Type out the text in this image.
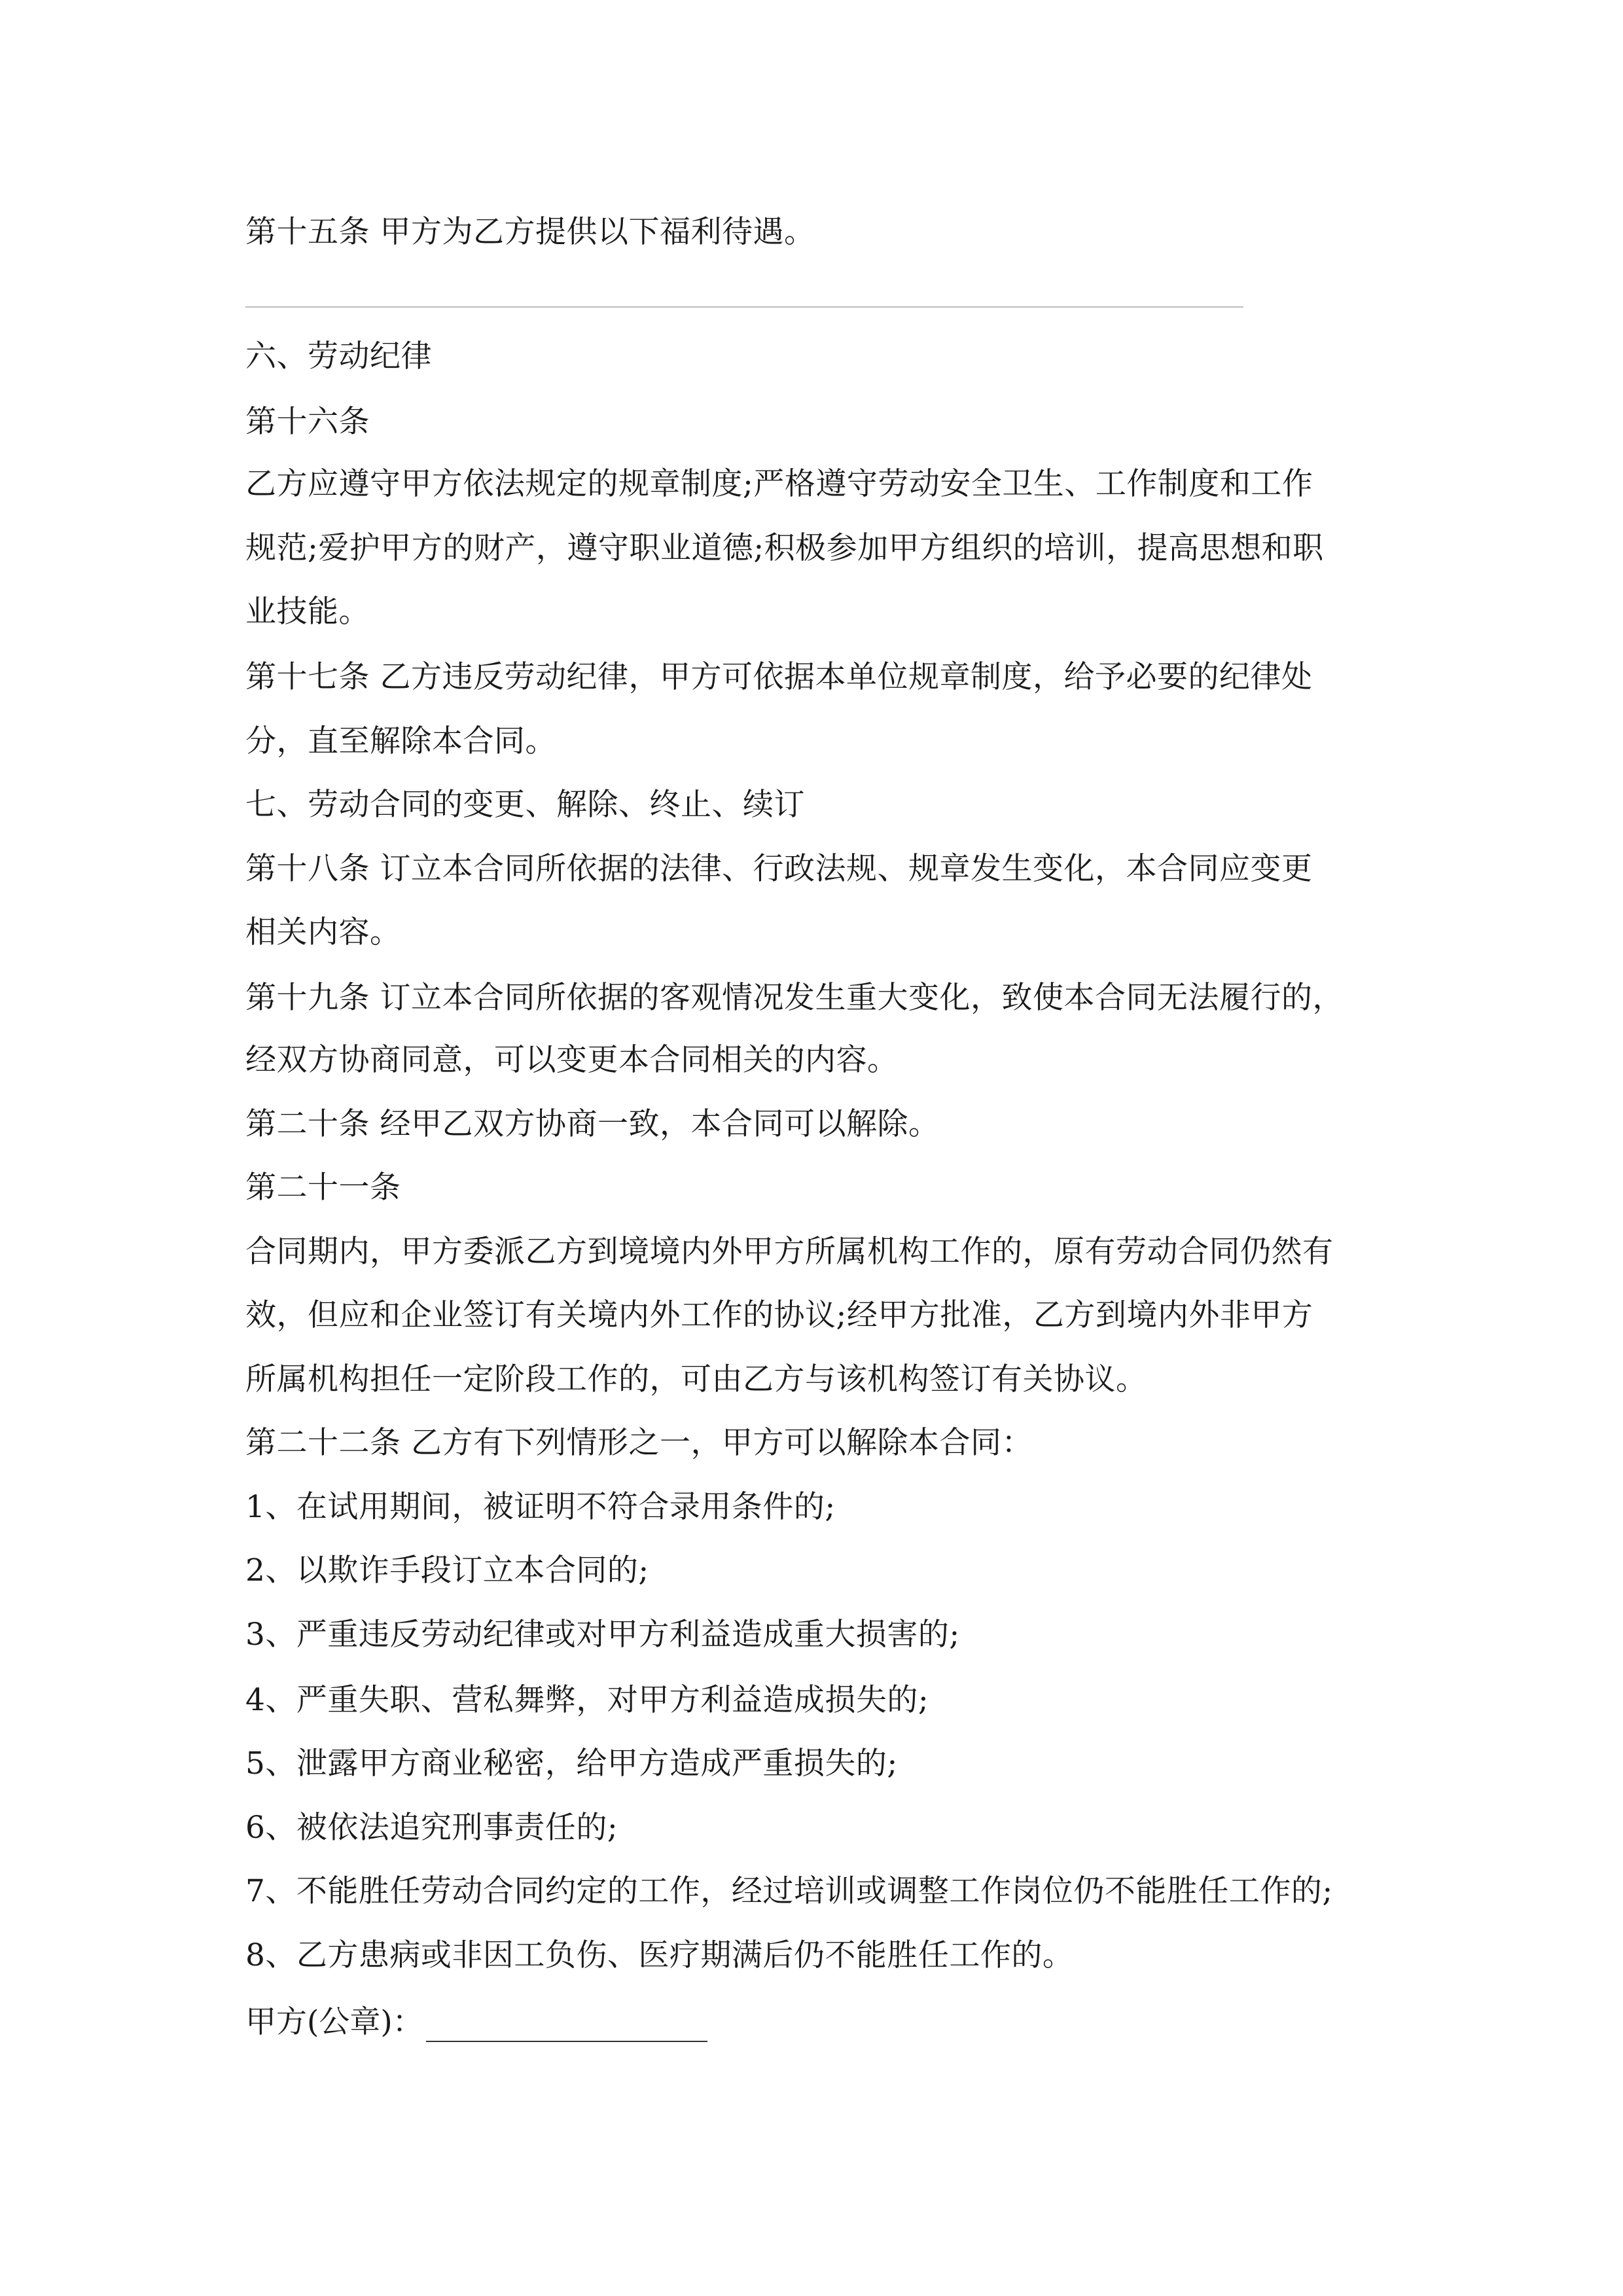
第十五条 甲方为乙方提供以下福利待遇。
六、劳动纪律
第十六条
乙方应遵守甲方依法规定的规章制度;严格遵守劳动安全卫生、工作制度和工作
规范;爱护甲方的财产，遵守职业道德;积极参加甲方组织的培训，提高思想和职
业技能。
第十七条 乙方违反劳动纪律，甲方可依据本单位规章制度，给予必要的纪律处
分，直至解除本合同。
七、劳动合同的变更、解除、终止、续订
第十八条 订立本合同所依据的法律、行政法规、规章发生变化，本合同应变更
相关内容。
第十九条 订立本合同所依据的客观情况发生重大变化，致使本合同无法履行的，
经双方协商同意，可以变更本合同相关的内容。
第二十条 经甲乙双方协商一致，本合同可以解除。
第二十一条
合同期内，甲方委派乙方到境境内外甲方所属机构工作的，原有劳动合同仍然有
效，但应和企业签订有关境内外工作的协议;经甲方批准，乙方到境内外非甲方
所属机构担任一定阶段工作的，可由乙方与该机构签订有关协议。
第二十二条 乙方有下列情形之一，甲方可以解除本合同：
1、在试用期间，被证明不符合录用条件的;
2、以欺诈手段订立本合同的;
3、严重违反劳动纪律或对甲方利益造成重大损害的;
4、严重失职、营私舞弊，对甲方利益造成损失的;
5、泄露甲方商业秘密，给甲方造成严重损失的;
6、被依法追究刑事责任的;
7、不能胜任劳动合同约定的工作，经过培训或调整工作岗位仍不能胜任工作的;
8、乙方患病或非因工负伤、医疗期满后仍不能胜任工作的。
甲方(公章)：
